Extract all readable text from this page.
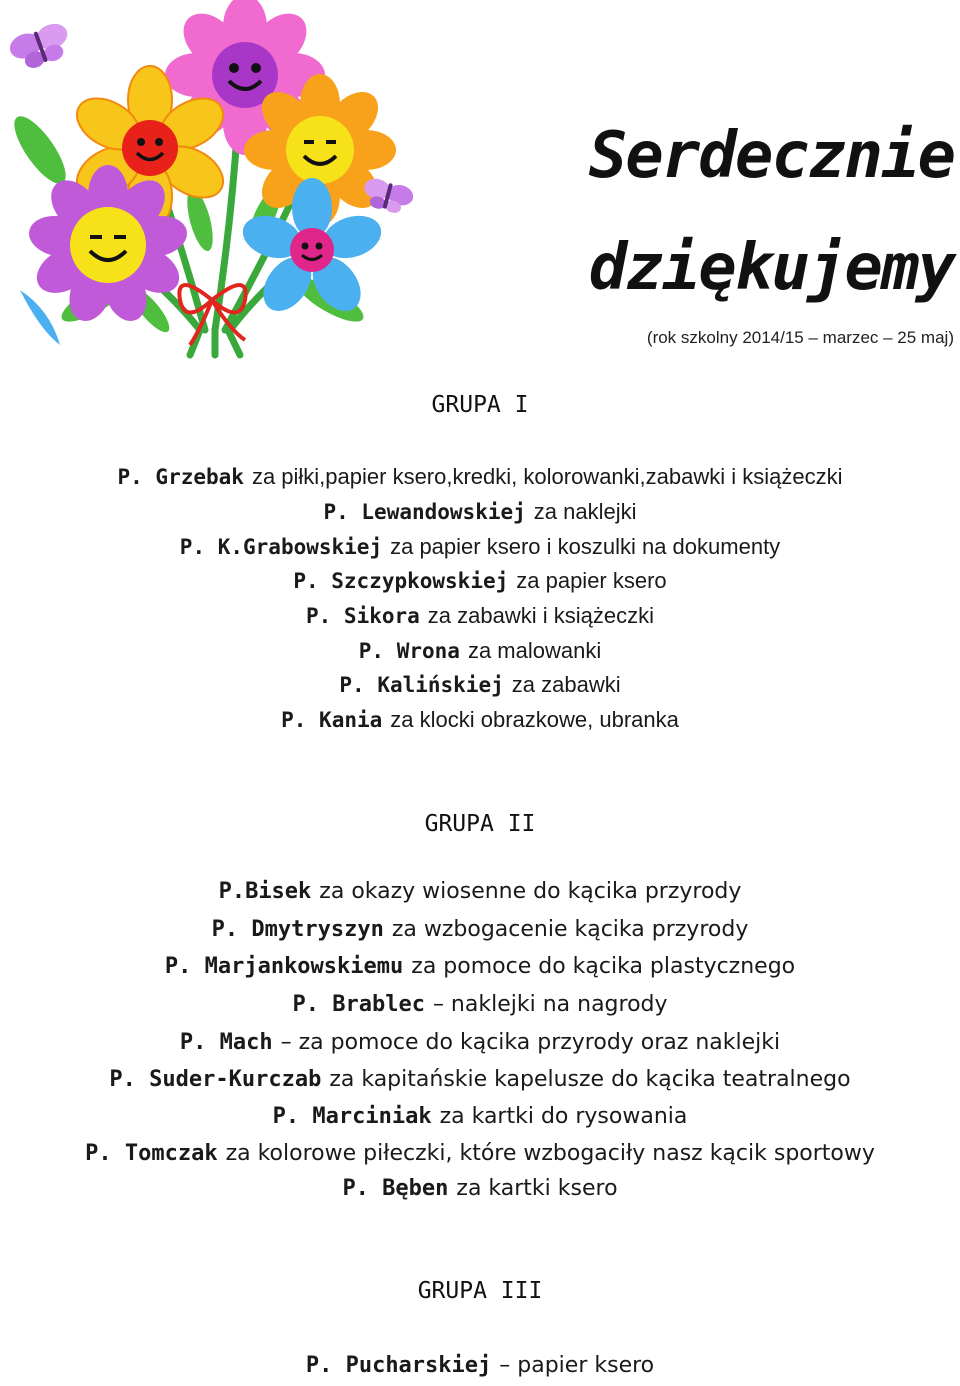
Serdecznie
dziękujemy
(rok szkolny 2014/15 – marzec – 25 maj)
GRUPA I
P. Grzebak za piłki,papier ksero,kredki, kolorowanki,zabawki i książeczki
P. Lewandowskiej za naklejki
P. K.Grabowskiej za papier ksero i koszulki na dokumenty
P. Szczypkowskiej za papier ksero
P. Sikora za zabawki i książeczki
P. Wrona za malowanki
P. Kalińskiej za zabawki
P. Kania za klocki obrazkowe, ubranka
GRUPA II
P.Bisek za okazy wiosenne do kącika przyrody
P. Dmytryszyn za wzbogacenie kącika przyrody
P. Marjankowskiemu za pomoce do kącika plastycznego
P. Brablec – naklejki na nagrody
P. Mach – za pomoce do kącika przyrody oraz naklejki
P. Suder-Kurczab za kapitańskie kapelusze do kącika teatralnego
P. Marciniak za kartki do rysowania
P. Tomczak za kolorowe piłeczki, które wzbogaciły nasz kącik sportowy
P. Bęben za kartki ksero
GRUPA III
P. Pucharskiej – papier ksero
